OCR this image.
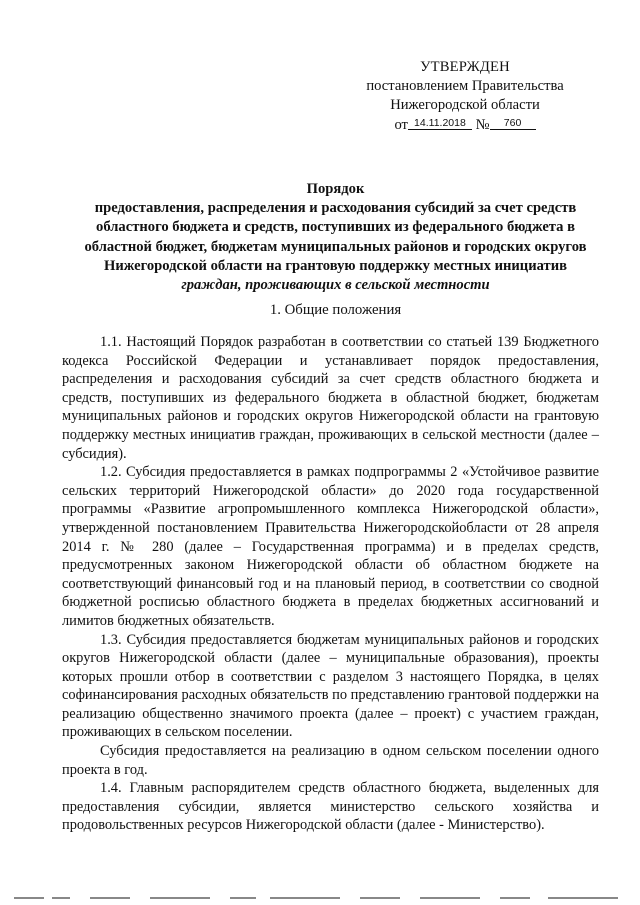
УТВЕРЖДЕН
постановлением Правительства
Нижегородской области
от 14.11.2018 № 760
Порядок
предоставления, распределения и расходования субсидий за счет средств
областного бюджета и средств, поступивших из федерального бюджета в
областной бюджет, бюджетам муниципальных районов и городских округов
Нижегородской области на грантовую поддержку местных инициатив
граждан, проживающих в сельской местности
1. Общие положения

1.1. Настоящий Порядок разработан в соответствии со статьей 139 Бюджетного кодекса Российской Федерации и устанавливает порядок предоставления, распределения и расходования субсидий за счет средств областного бюджета и средств, поступивших из федерального бюджета в областной бюджет, бюджетам муниципальных районов и городских округов Нижегородской области на грантовую поддержку местных инициатив граждан, проживающих в сельской местности (далее – субсидия).

1.2. Субсидия предоставляется в рамках подпрограммы 2 «Устойчивое развитие сельских территорий Нижегородской области» до 2020 года государственной программы «Развитие агропромышленного комплекса Нижегородской области», утвержденной постановлением Правительства Нижегородскойобласти от 28 апреля 2014 г. № 280 (далее – Государственная программа) и в пределах средств, предусмотренных законом Нижегородской области об областном бюджете на соответствующий финансовый год и на плановый период, в соответствии со сводной бюджетной росписью областного бюджета в пределах бюджетных ассигнований и лимитов бюджетных обязательств.

1.3. Субсидия предоставляется бюджетам муниципальных районов и городских округов Нижегородской области (далее – муниципальные образования), проекты которых прошли отбор в соответствии с разделом 3 настоящего Порядка, в целях софинансирования расходных обязательств по представлению грантовой поддержки на реализацию общественно значимого проекта (далее – проект) с участием граждан, проживающих в сельском поселении.

Субсидия предоставляется на реализацию в одном сельском поселении одного проекта в год.

1.4. Главным распорядителем средств областного бюджета, выделенных для предоставления субсидии, является министерство сельского хозяйства и продовольственных ресурсов Нижегородской области (далее - Министерство).
